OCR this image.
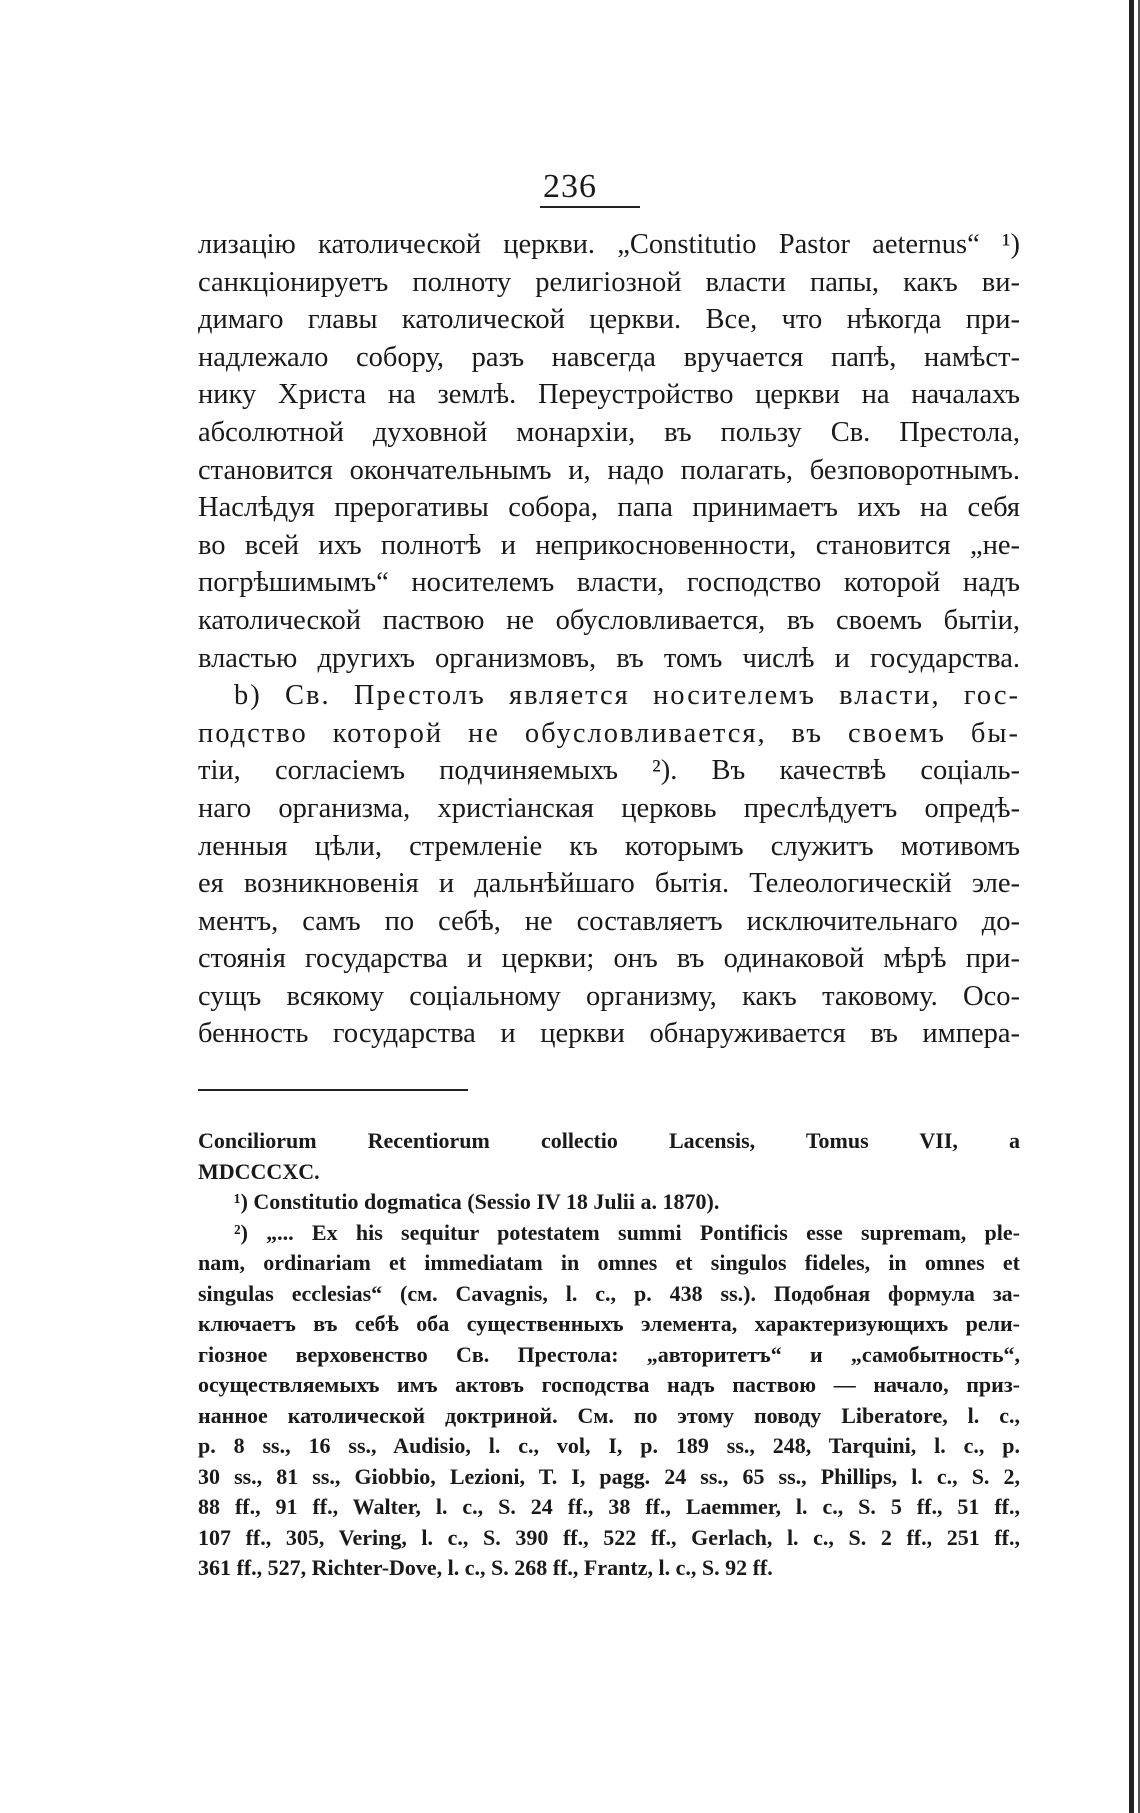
236
лизацію католической церкви. „Constitutio Pastor aeternus“ ¹)
санкціонируетъ полноту религіозной власти папы, какъ ви-
димаго главы католической церкви. Все, что нѣкогда при-
надлежало собору, разъ навсегда вручается папѣ, намѣст-
нику Христа на землѣ. Переустройство церкви на началахъ
абсолютной духовной монархіи, въ пользу Св. Престола,
становится окончательнымъ и, надо полагать, безповоротнымъ.
Наслѣдуя прерогативы собора, папа принимаетъ ихъ на себя
во всей ихъ полнотѣ и неприкосновенности, становится „не-
погрѣшимымъ“ носителемъ власти, господство которой надъ
католической паствою не обусловливается, въ своемъ бытіи,
властью другихъ организмовъ, въ томъ числѣ и государства.
b) Св. Престолъ является носителемъ власти, гос-
подство которой не обусловливается, въ своемъ бы-
тіи, согласіемъ подчиняемыхъ ²). Въ качествѣ соціаль-
наго организма, христіанская церковь преслѣдуетъ опредѣ-
ленныя цѣли, стремленіе къ которымъ служитъ мотивомъ
ея возникновенія и дальнѣйшаго бытія. Телеологическій эле-
ментъ, самъ по себѣ, не составляетъ исключительнаго до-
стоянія государства и церкви; онъ въ одинаковой мѣрѣ при-
сущъ всякому соціальному организму, какъ таковому. Осо-
бенность государства и церкви обнаруживается въ импера-
Conciliorum Recentiorum collectio Lacensis, Tomus VII, a
MDCCCXC.
¹) Constitutio dogmatica (Sessio IV 18 Julii a. 1870).
²) „... Ex his sequitur potestatem summi Pontificis esse supremam, ple-
nam, ordinariam et immediatam in omnes et singulos fideles, in omnes et
singulas ecclesias“ (см. Cavagnis, l. c., p. 438 ss.). Подобная формула за-
ключаетъ въ себѣ оба существенныхъ элемента, характеризующихъ рели-
гіозное верховенство Св. Престола: „авторитетъ“ и „самобытность“,
осуществляемыхъ имъ актовъ господства надъ паствою — начало, приз-
нанное католической доктриной. См. по этому поводу Liberatore, l. c.,
p. 8 ss., 16 ss., Audisio, l. c., vol, I, p. 189 ss., 248, Tarquini, l. c., p.
30 ss., 81 ss., Giobbio, Lezioni, T. I, pagg. 24 ss., 65 ss., Phillips, l. c., S. 2,
88 ff., 91 ff., Walter, l. c., S. 24 ff., 38 ff., Laemmer, l. c., S. 5 ff., 51 ff.,
107 ff., 305, Vering, l. c., S. 390 ff., 522 ff., Gerlach, l. c., S. 2 ff., 251 ff.,
361 ff., 527, Richter-Dove, l. c., S. 268 ff., Frantz, l. c., S. 92 ff.
